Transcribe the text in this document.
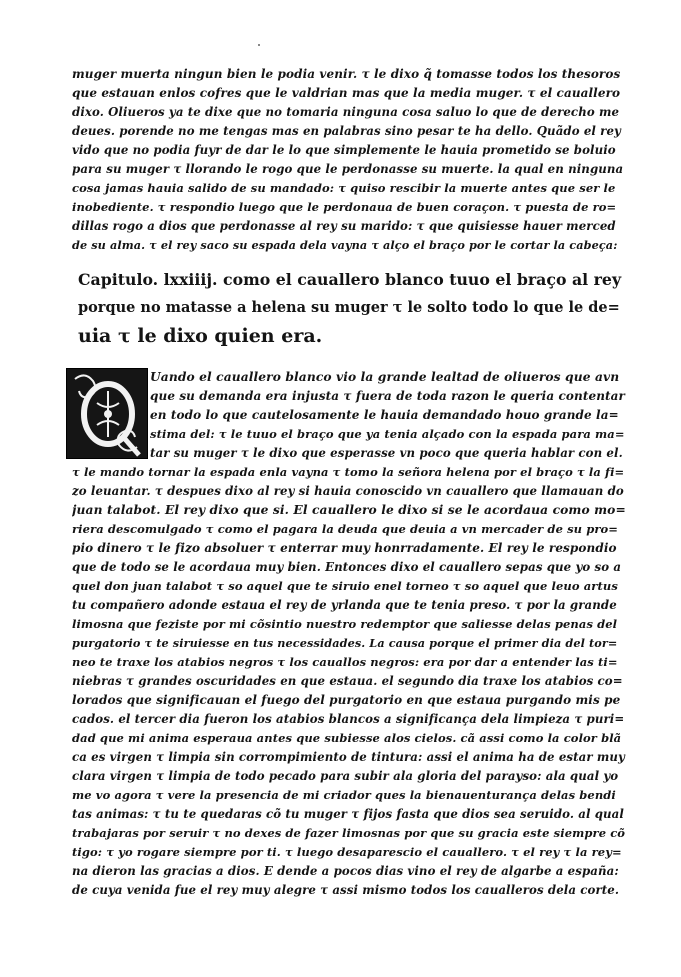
muger muerta ningun bien le podia venir. τ le dixo q̃ tomasse todos los thesoros
que estauan enlos cofres que le valdrian mas que la media muger. τ el cauallero
dixo. Oliueros ya te dixe que no tomaria ninguna cosa saluo lo que de derecho me
deues. porende no me tengas mas en palabras sino pesar te ha dello. Quãdo el rey
vido que no podia fuyr de dar le lo que simplemente le hauia prometido se boluio
para su muger τ llorando le rogo que le perdonasse su muerte. la qual en ninguna
cosa jamas hauia salido de su mandado: τ quiso rescibir la muerte antes que ser le
inobediente. τ respondio luego que le perdonaua de buen coraçon. τ puesta de ro=
dillas rogo a dios que perdonasse al rey su marido: τ que quisiesse hauer merced
de su alma. τ el rey saco su espada dela vayna τ alço el braço por le cortar la cabeça:
Capitulo. lxxiiij. como el cauallero blanco tuuo el braço al rey
porque no matasse a helena su muger τ le solto todo lo que le de=
uia τ le dixo quien era.
Uando el cauallero blanco vio la grande lealtad de oliueros que avn
que su demanda era injusta τ fuera de toda razon le queria contentar
en todo lo que cautelosamente le hauia demandado houo grande la=
stima del: τ le tuuo el braço que ya tenia alçado con la espada para ma=
tar su muger τ le dixo que esperasse vn poco que queria hablar con el.
τ le mando tornar la espada enla vayna τ tomo la señora helena por el braço τ la fi=
zo leuantar. τ despues dixo al rey si hauia conoscido vn cauallero que llamauan do
juan talabot. El rey dixo que si. El cauallero le dixo si se le acordaua como mo=
riera descomulgado τ como el pagara la deuda que deuia a vn mercader de su pro=
pio dinero τ le fizo absoluer τ enterrar muy honrradamente. El rey le respondio
que de todo se le acordaua muy bien. Entonces dixo el cauallero sepas que yo so a
quel don juan talabot τ so aquel que te siruio enel torneo τ so aquel que leuo artus
tu compañero adonde estaua el rey de yrlanda que te tenia preso. τ por la grande
limosna que feziste por mi cõsintio nuestro redemptor que saliesse delas penas del
purgatorio τ te siruiesse en tus necessidades. La causa porque el primer dia del tor=
neo te traxe los atabios negros τ los cauallos negros: era por dar a entender las ti=
niebras τ grandes oscuridades en que estaua. el segundo dia traxe los atabios co=
lorados que significauan el fuego del purgatorio en que estaua purgando mis pe
cados. el tercer dia fueron los atabios blancos a significança dela limpieza τ puri=
dad que mi anima esperaua antes que subiesse alos cielos. cã assi como la color blã
ca es virgen τ limpia sin corrompimiento de tintura: assi el anima ha de estar muy
clara virgen τ limpia de todo pecado para subir ala gloria del parayso: ala qual yo
me vo agora τ vere la presencia de mi criador ques la bienauenturança delas bendi
tas animas: τ tu te quedaras cõ tu muger τ fijos fasta que dios sea seruido. al qual
trabajaras por seruir τ no dexes de fazer limosnas por que su gracia este siempre cõ
tigo: τ yo rogare siempre por ti. τ luego desaparescio el cauallero. τ el rey τ la rey=
na dieron las gracias a dios. E dende a pocos dias vino el rey de algarbe a españa:
de cuya venida fue el rey muy alegre τ assi mismo todos los caualleros dela corte.
